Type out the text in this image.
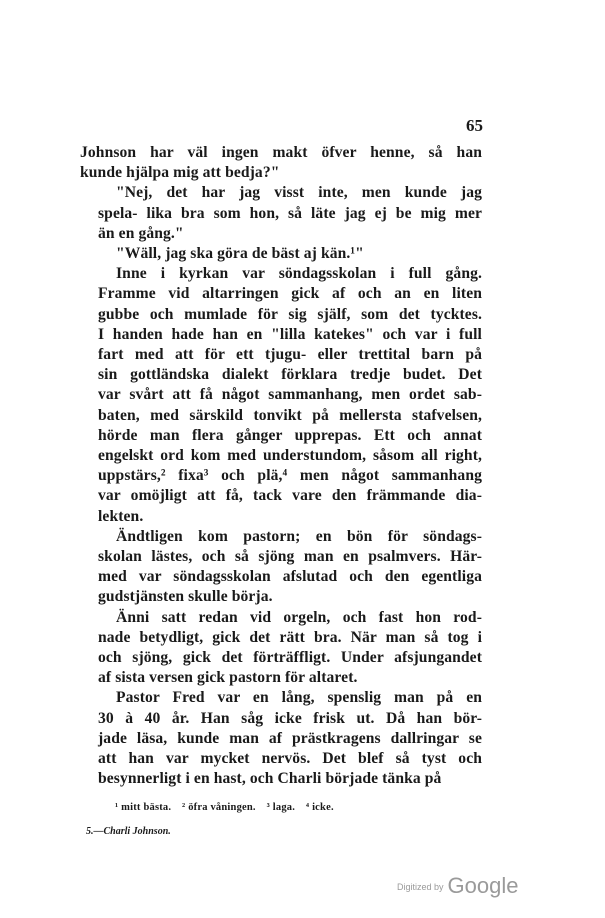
65
Johnson har väl ingen makt öfver henne, så han
kunde hjälpa mig att bedja?"
"Nej, det har jag visst inte, men kunde jag
spela- lika bra som hon, så läte jag ej be mig mer
än en gång."
"Wäll, jag ska göra de bäst aj kän.¹"
Inne i kyrkan var söndagsskolan i full gång.
Framme vid altarringen gick af och an en liten
gubbe och mumlade för sig själf, som det tycktes.
I handen hade han en "lilla katekes" och var i full
fart med att för ett tjugu- eller trettital barn på
sin gottländska dialekt förklara tredje budet. Det
var svårt att få något sammanhang, men ordet sab-
baten, med särskild tonvikt på mellersta stafvelsen,
hörde man flera gånger upprepas. Ett och annat
engelskt ord kom med understundom, såsom all right,
uppstärs,² fixa³ och plä,⁴ men något sammanhang
var omöjligt att få, tack vare den främmande dia-
lekten.
Ändtligen kom pastorn; en bön för söndags-
skolan lästes, och så sjöng man en psalmvers. Här-
med var söndagsskolan afslutad och den egentliga
gudstjänsten skulle börja.
Änni satt redan vid orgeln, och fast hon rod-
nade betydligt, gick det rätt bra. När man så tog i
och sjöng, gick det förträffligt. Under afsjungandet
af sista versen gick pastorn för altaret.
Pastor Fred var en lång, spenslig man på en
30 à 40 år. Han såg icke frisk ut. Då han bör-
jade läsa, kunde man af prästkragens dallringar se
att han var mycket nervös. Det blef så tyst och
besynnerligt i en hast, och Charli började tänka på
¹ mitt bästa. ² öfra våningen. ³ laga. ⁴ icke.
5.—Charli Johnson.
Digitized by Google
